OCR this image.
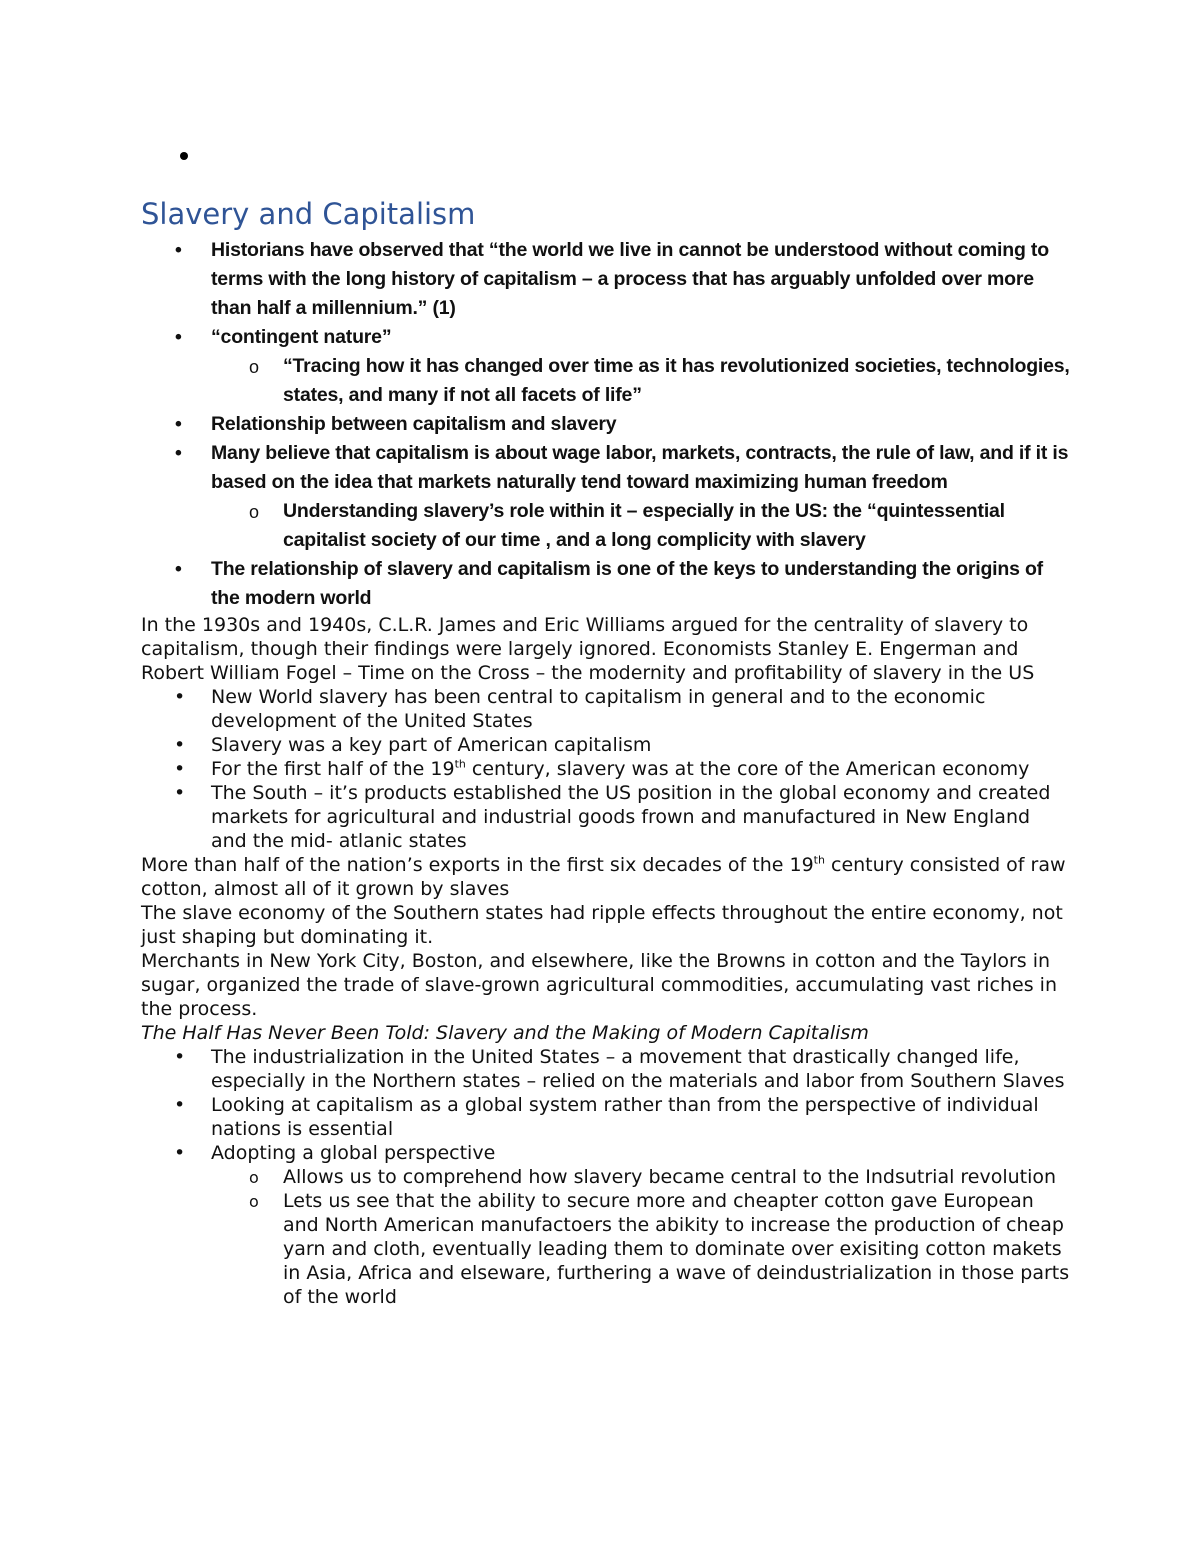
Slavery and Capitalism
• Historians have observed that “the world we live in cannot be understood without coming to terms with the long history of capitalism – a process that has arguably unfolded over more than half a millennium.” (1)
• “contingent nature”
o “Tracing how it has changed over time as it has revolutionized societies, technologies, states, and many if not all facets of life”
• Relationship between capitalism and slavery
• Many believe that capitalism is about wage labor, markets, contracts, the rule of law, and if it is based on the idea that markets naturally tend toward maximizing human freedom
o Understanding slavery’s role within it – especially in the US: the “quintessential capitalist society of our time , and a long complicity with slavery
• The relationship of slavery and capitalism is one of the keys to understanding the origins of the modern world

In the 1930s and 1940s, C.L.R. James and Eric Williams argued for the centrality of slavery to capitalism, though their findings were largely ignored. Economists Stanley E. Engerman and Robert William Fogel – Time on the Cross – the modernity and profitability of slavery in the US

• New World slavery has been central to capitalism in general and to the economic development of the United States
• Slavery was a key part of American capitalism
• For the first half of the 19th century, slavery was at the core of the American economy
• The South – it’s products established the US position in the global economy and created markets for agricultural and industrial goods frown and manufactured in New England and the mid- atlanic states

More than half of the nation’s exports in the first six decades of the 19th century consisted of raw cotton, almost all of it grown by slaves

The slave economy of the Southern states had ripple effects throughout the entire economy, not just shaping but dominating it.

Merchants in New York City, Boston, and elsewhere, like the Browns in cotton and the Taylors in sugar, organized the trade of slave-grown agricultural commodities, accumulating vast riches in the process.

The Half Has Never Been Told: Slavery and the Making of Modern Capitalism

• The industrialization in the United States – a movement that drastically changed life, especially in the Northern states – relied on the materials and labor from Southern Slaves
• Looking at capitalism as a global system rather than from the perspective of individual nations is essential
• Adopting a global perspective
o Allows us to comprehend how slavery became central to the Indsutrial revolution
o Lets us see that the ability to secure more and cheapter cotton gave European and North American manufactoers the abikity to increase the production of cheap yarn and cloth, eventually leading them to dominate over exisiting cotton makets in Asia, Africa and elseware, furthering a wave of deindustrialization in those parts of the world
